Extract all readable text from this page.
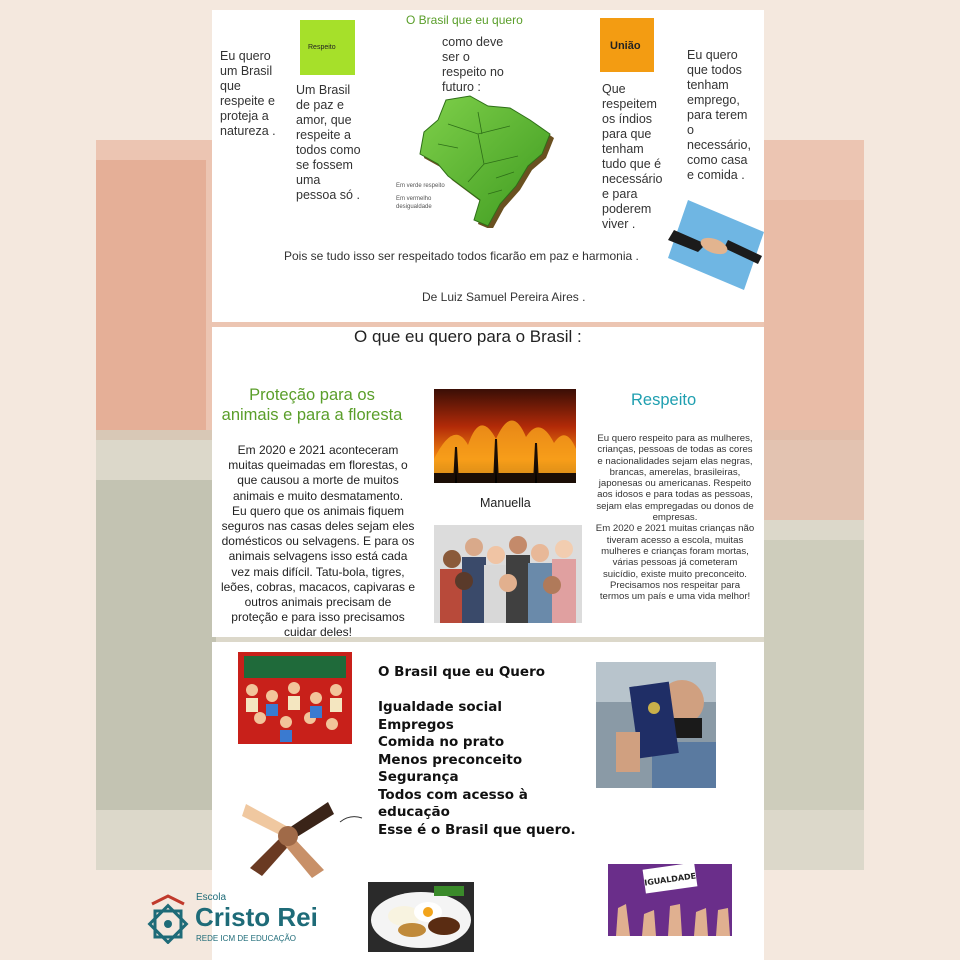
O Brasil que eu quero

Respeito	União

Eu quero

um Brasil

que

respeite e

proteja a

natureza .

Um Brasil

de paz e

amor, que

respeite a

todos como

se fossem

uma

pessoa só .

como deve

ser o

respeito no

futuro :

Em verde respeito

Em vermelho

desigualdade

Que

respeitem

os índios

para que

tenham

tudo que é

necessário

e para

poderem

viver .

Eu quero

que todos

tenham

emprego,

para terem

o

necessário,

como casa

e comida .

Pois se tudo isso ser respeitado todos ficarão em paz e harmonia .

De Luiz Samuel Pereira Aires .

O que eu quero para o Brasil :

Proteção para os

animais e para a floresta

Em 2020 e 2021 aconteceram

muitas queimadas em florestas, o

que causou a morte de muitos

animais e muito desmatamento.

Eu quero que os animais fiquem

seguros nas casas deles sejam eles

domésticos ou selvagens. E para os

animais selvagens isso está cada

vez mais difícil. Tatu-bola, tigres,

leões, cobras, macacos, capivaras e

outros animais precisam de

proteção e para isso precisamos

cuidar deles!

Manuella

Respeito

Eu quero respeito para as mulheres,

crianças, pessoas de todas as cores

e nacionalidades sejam elas negras,

brancas, amerelas, brasileiras,

japonesas ou americanas. Respeito

aos idosos e para todas as pessoas,

sejam elas empregadas ou donos de

empresas.

Em 2020 e 2021 muitas crianças não

tiveram acesso a escola, muitas

mulheres e crianças foram mortas,

várias pessoas já cometeram

suicídio, existe muito preconceito.

Precisamos nos respeitar para

termos um país e uma vida melhor!

O Brasil que eu Quero

Igualdade social

Empregos

Comida no prato

Menos preconceito

Segurança

Todos com acesso à

educação

Esse é o Brasil que quero.

IGUALDADE
Escola
Cristo Rei
REDE ICM DE EDUCAÇÃO
